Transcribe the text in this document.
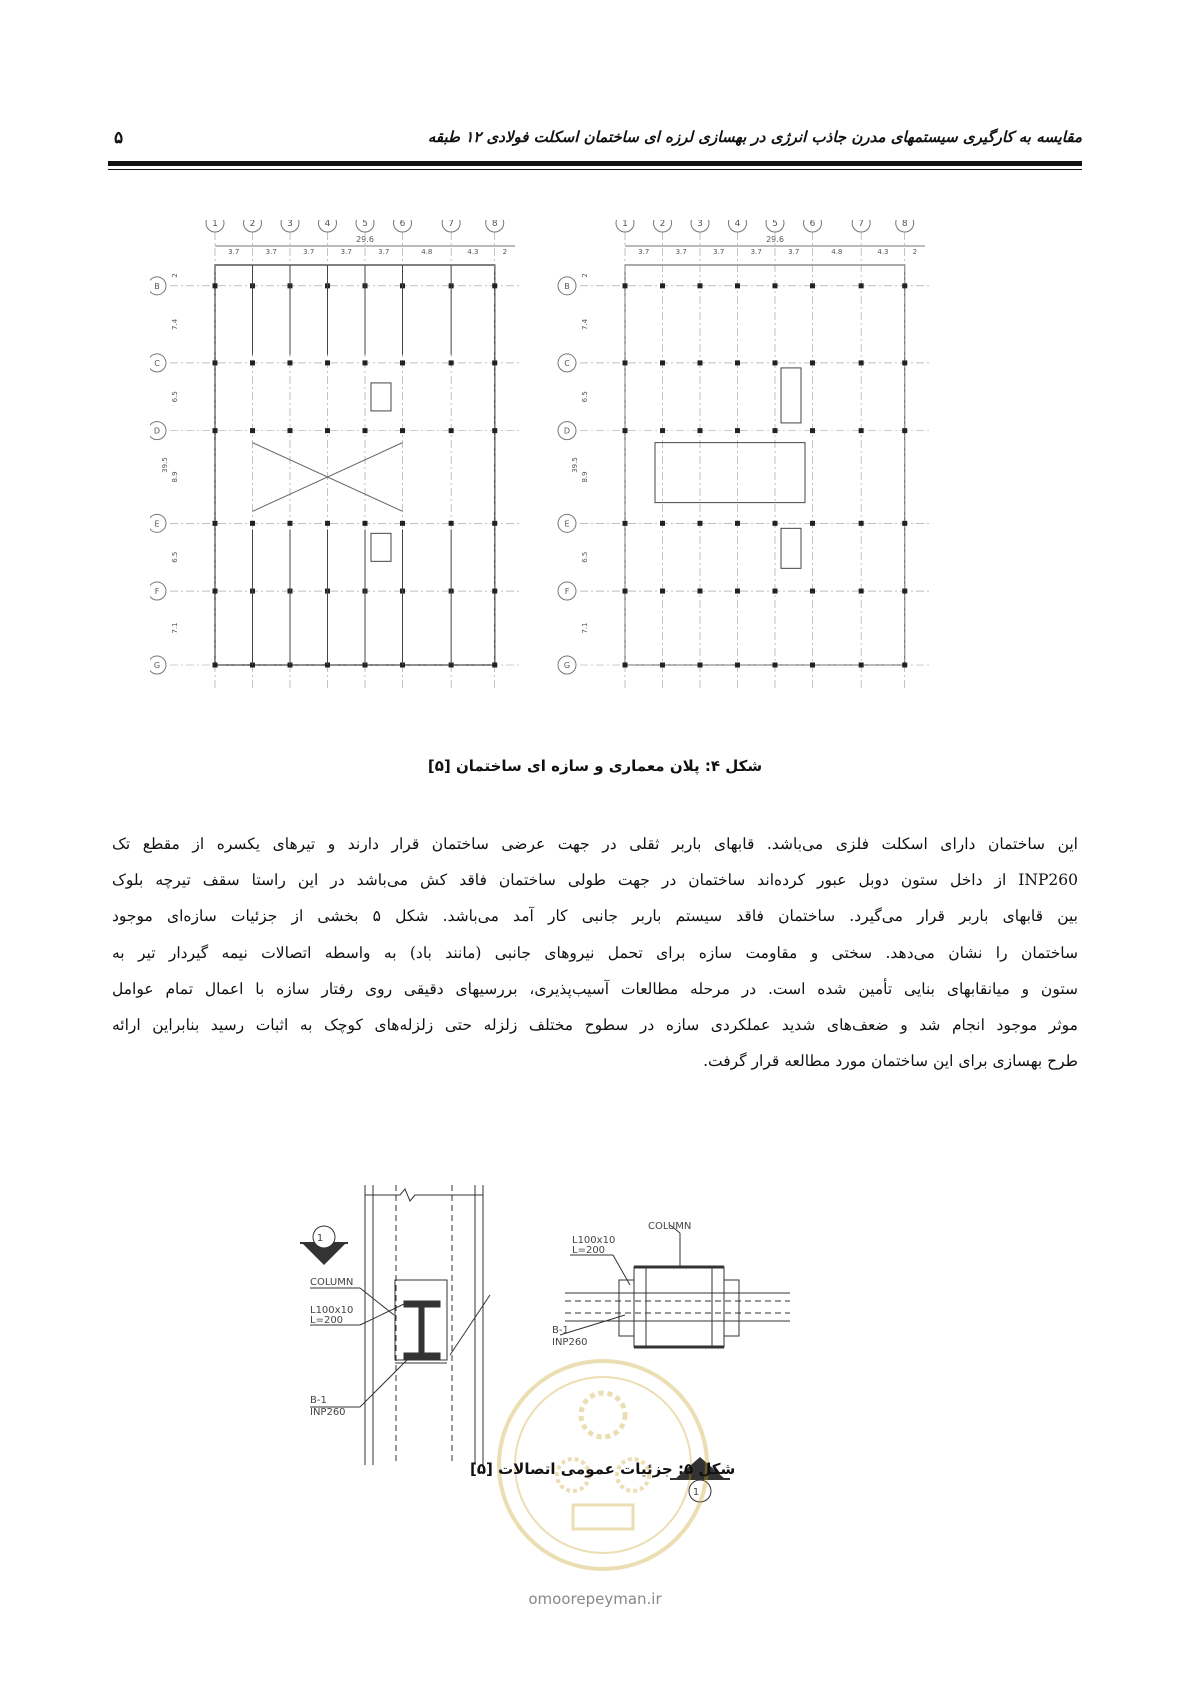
مقایسه به کارگیری سیستمهای مدرن جاذب انرژی در بهسازی لرزه ای ساختمان اسکلت فولادی ۱۲ طبقه
۵
29.6
1	2	3	4	5	6	7	8
3.7	3.7	3.7	3.7	3.7	4.8	4.3	2
B
C
D
E
F
G
2
7.4
6.5
8.9
6.5
7.1
39.5
29.6
1	2	3	4	5	6	7	8
3.7	3.7	3.7	3.7	3.7	4.8	4.3	2
B
C
D
E
F
G
2
7.4
6.5
8.9
6.5
7.1
39.5
شکل ۴: پلان معماری و سازه ای ساختمان [۵]
این ساختمان دارای اسکلت فلزی می‌باشد. قابهای باربر ثقلی در جهت عرضی ساختمان قرار دارند و تیرهای یکسره از مقطع تک
INP260 از داخل ستون دوبل عبور کرده‌اند ساختمان در جهت طولی ساختمان فاقد کش می‌باشد در این راستا سقف تیرچه بلوک
بین قابهای باربر قرار می‌گیرد. ساختمان فاقد سیستم باربر جانبی کار آمد می‌باشد. شکل ۵ بخشی از جزئیات سازه‌ای موجود
ساختمان را نشان می‌دهد. سختی و مقاومت سازه برای تحمل نیروهای جانبی (مانند باد) به واسطه اتصالات نیمه گیردار تیر به
ستون و میانقابهای بنایی تأمین شده است. در مرحله مطالعات آسیب‌پذیری، بررسیهای دقیقی روی رفتار سازه با اعمال تمام عوامل
موثر موجود انجام شد و ضعف‌های شدید عملکردی سازه در سطوح مختلف زلزله حتی زلزله‌های کوچک به اثبات رسید بنابراین ارائه
طرح بهسازی برای این ساختمان مورد مطالعه قرار گرفت.
1
COLUMN
L100x10
L=200
B-1
INP260
COLUMN
L100x10
L=200
B-1
INP260
1
شکل ۵: جزئیات عمومی اتصالات [۵]
omoorepeyman.ir
